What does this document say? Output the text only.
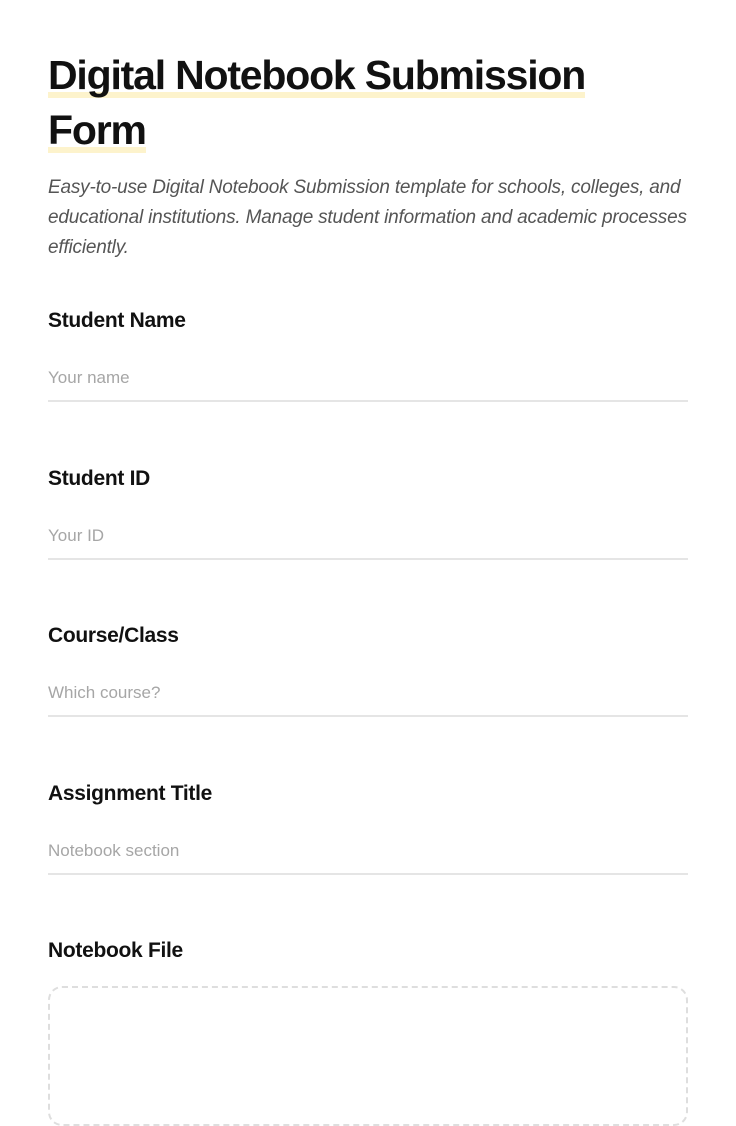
Digital Notebook Submission Form

Easy-to-use Digital Notebook Submission template for schools, colleges, and educational institutions. Manage student information and academic processes efficiently.

Student Name
Your name
Student ID
Your ID
Course/Class
Which course?
Assignment Title
Notebook section
Notebook File
